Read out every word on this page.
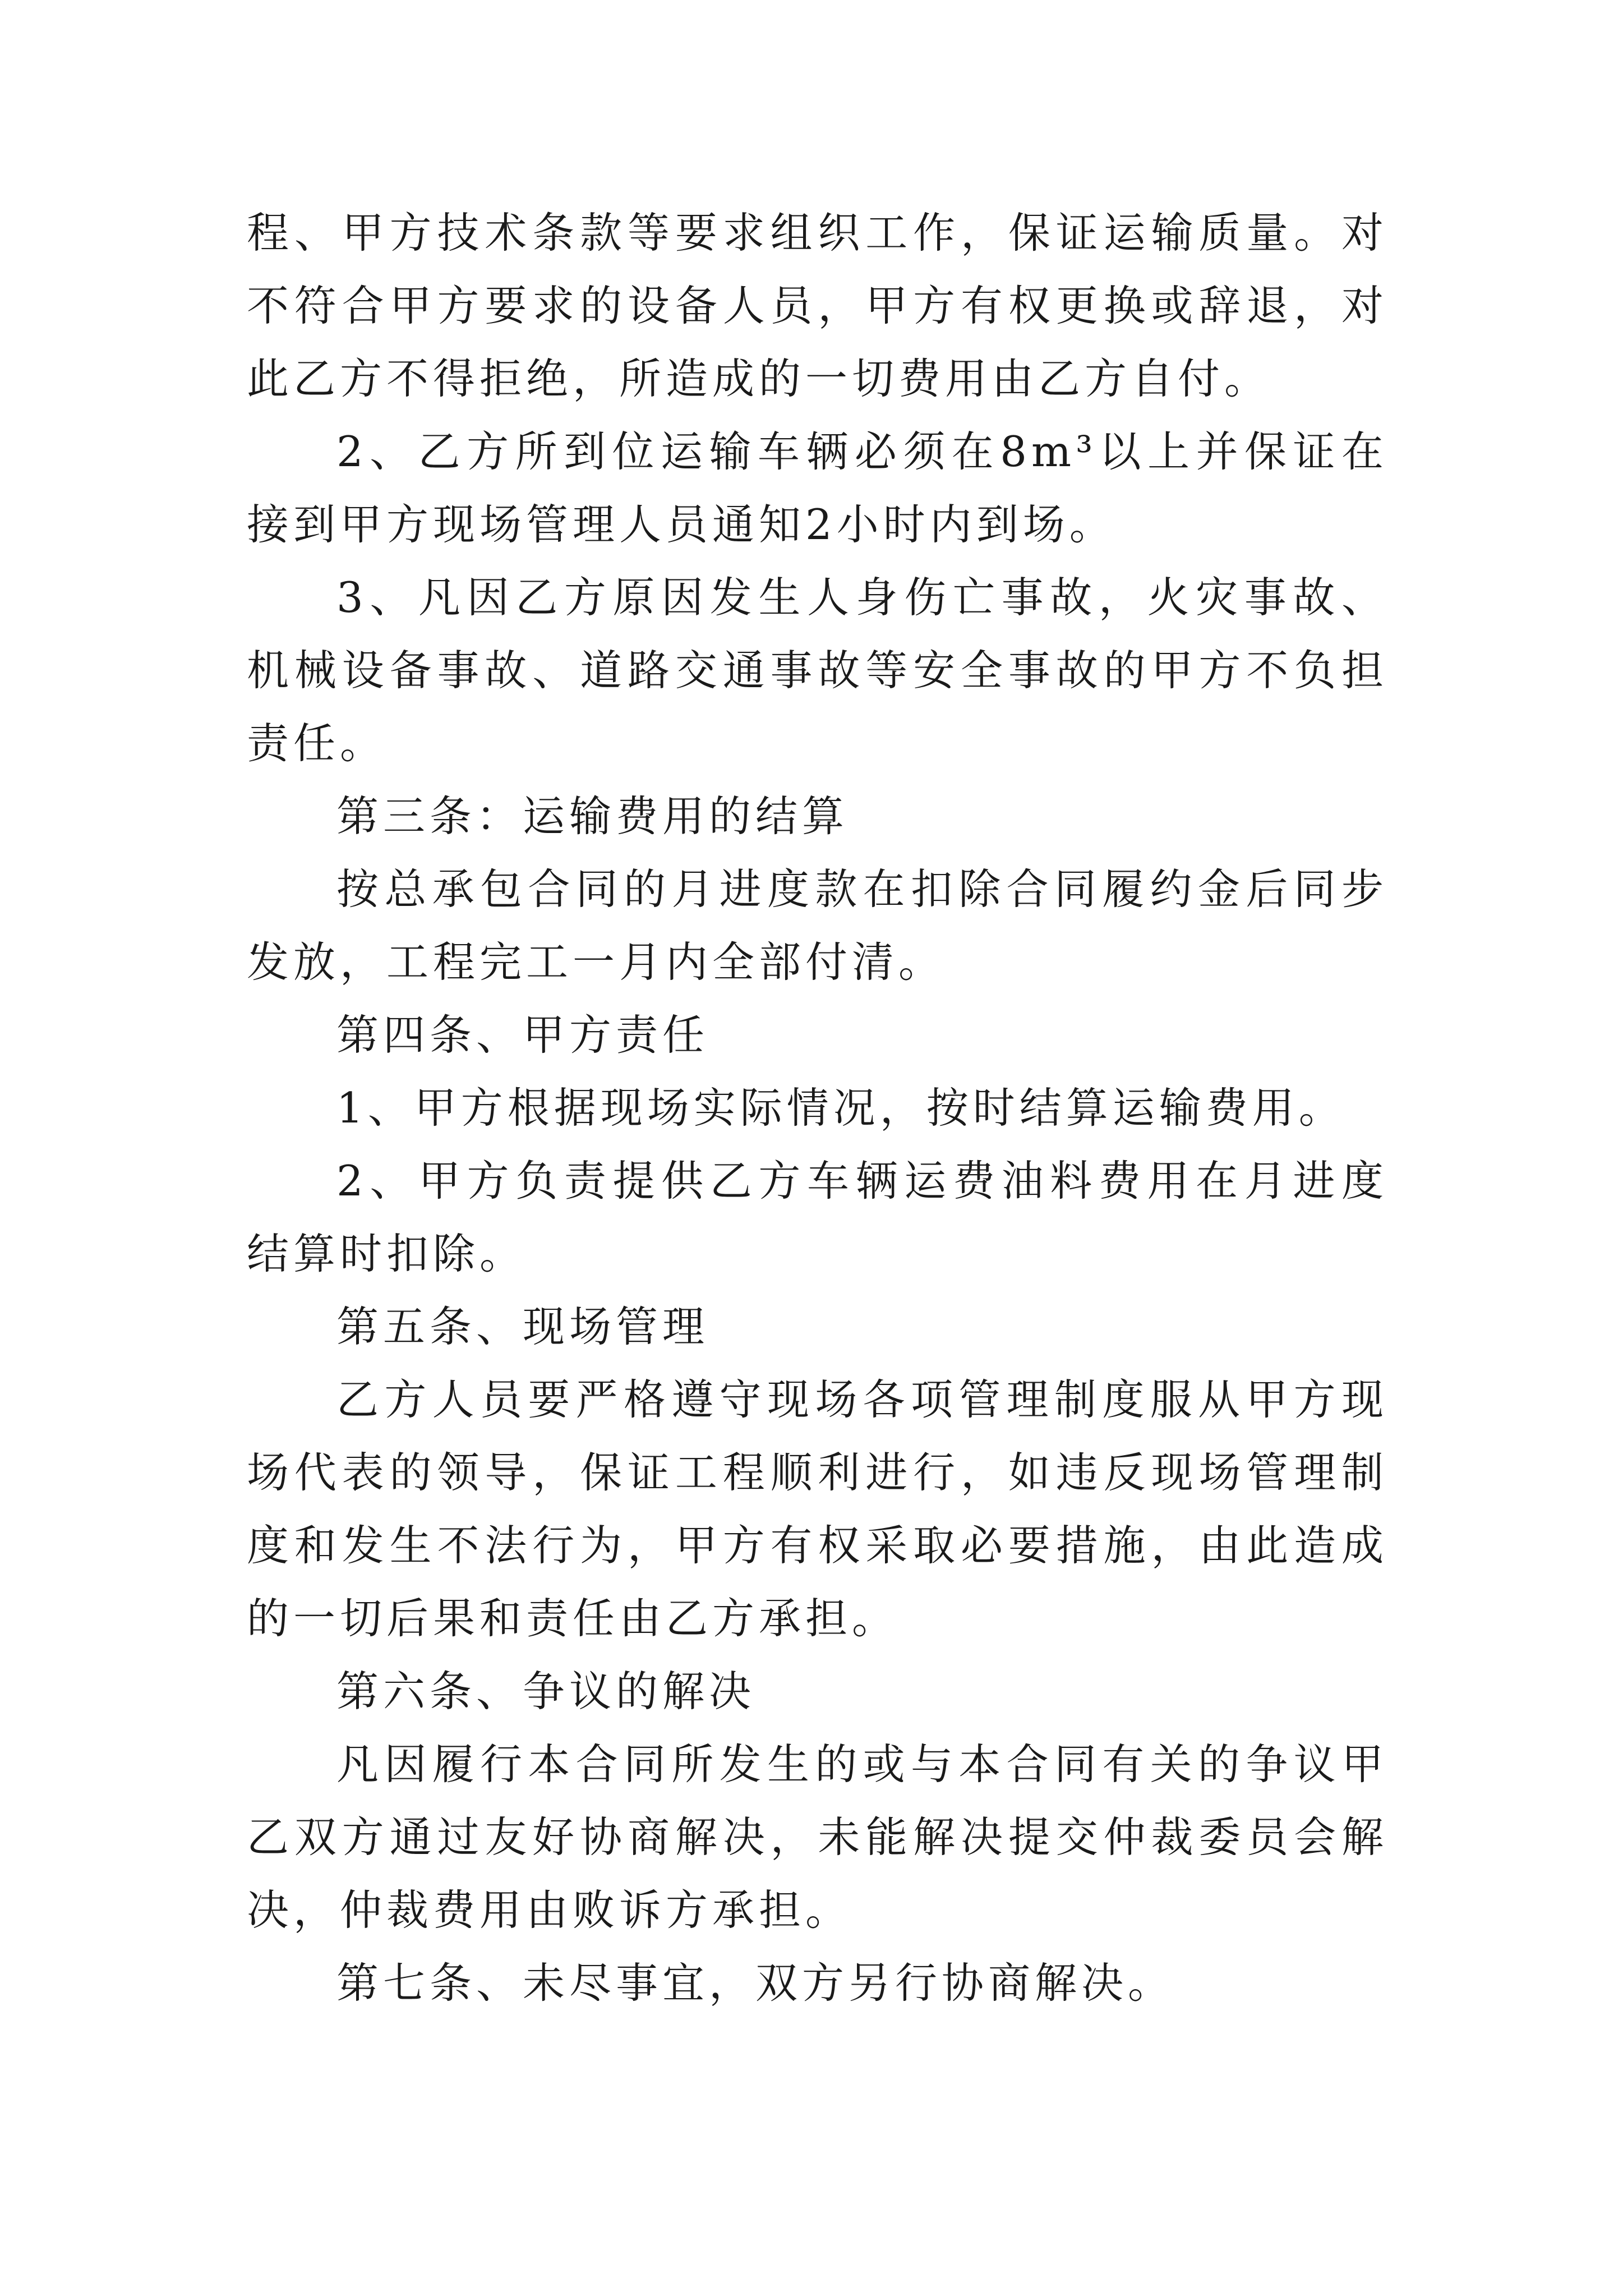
程、甲方技术条款等要求组织工作，保证运输质量。对不符合甲方要求的设备人员，甲方有权更换或辞退，对此乙方不得拒绝，所造成的一切费用由乙方自付。

2、乙方所到位运输车辆必须在8m³以上并保证在接到甲方现场管理人员通知2小时内到场。

3、凡因乙方原因发生人身伤亡事故，火灾事故、机械设备事故、道路交通事故等安全事故的甲方不负担责任。

第三条：运输费用的结算

按总承包合同的月进度款在扣除合同履约金后同步发放，工程完工一月内全部付清。

第四条、甲方责任

1、甲方根据现场实际情况，按时结算运输费用。

2、甲方负责提供乙方车辆运费油料费用在月进度结算时扣除。

第五条、现场管理

乙方人员要严格遵守现场各项管理制度服从甲方现场代表的领导，保证工程顺利进行，如违反现场管理制度和发生不法行为，甲方有权采取必要措施，由此造成的一切后果和责任由乙方承担。

第六条、争议的解决

凡因履行本合同所发生的或与本合同有关的争议甲乙双方通过友好协商解决，未能解决提交仲裁委员会解决，仲裁费用由败诉方承担。

第七条、未尽事宜，双方另行协商解决。
